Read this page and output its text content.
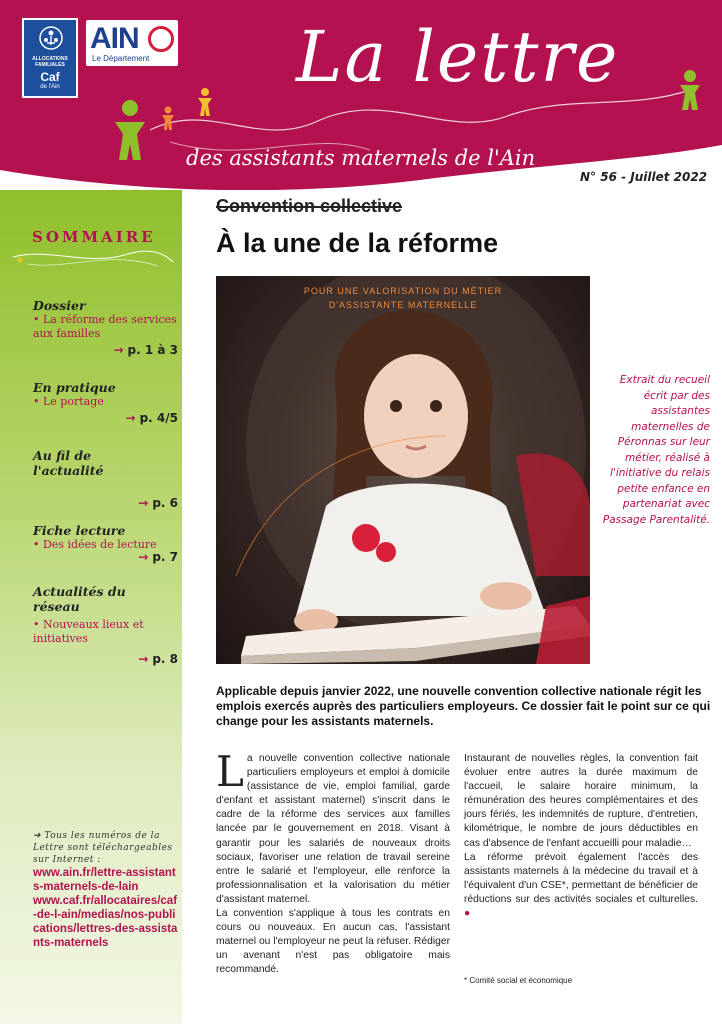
ALLOCATIONS FAMILIALES
Caf
de l'Ain
AIN
Le Département La lettre
des assistants maternels de l'Ain
N° 56 - Juillet 2022
SOMMAIRE
Dossier
• La réforme des services aux familles
→ p. 1 à 3
En pratique
• Le portage
→ p. 4/5
Au fil de l'actualité
→ p. 6
Fiche lecture
• Des idées de lecture
→ p. 7
Actualités du réseau
• Nouveaux lieux et initiatives
→ p. 8
➔ Tous les numéros de la Lettre sont téléchargeables sur Internet :
www.ain.fr/lettre-assistants-maternels-de-lain
www.caf.fr/allocataires/caf-de-l-ain/medias/nos-publications/lettres-des-assistants-maternels
Convention collective
À la une de la réforme
POUR UNE VALORISATION DU MÉTIER
D'ASSISTANTE MATERNELLE
Extrait du recueil écrit par des assistantes maternelles de Péronnas sur leur métier, réalisé à l'initiative du relais petite enfance en partenariat avec Passage Parentalité.
Applicable depuis janvier 2022, une nouvelle convention collective nationale régit les emplois exercés auprès des particuliers employeurs. Ce dossier fait le point sur ce qui change pour les assistants maternels.
L a nouvelle convention collective nationale particuliers employeurs et emploi à domicile (assistance de vie, emploi familial, garde d'enfant et assistant maternel) s'inscrit dans le cadre de la réforme des services aux familles lancée par le gouvernement en 2018. Visant à garantir pour les salariés de nouveaux droits sociaux, favoriser une relation de travail sereine entre le salarié et l'employeur, elle renforce la professionnalisation et la valorisation du métier d'assistant maternel.

La convention s'applique à tous les contrats en cours ou nouveaux. En aucun cas, l'assistant maternel ou l'employeur ne peut la refuser. Rédiger un avenant n'est pas obligatoire mais recommandé.

Instaurant de nouvelles règles, la convention fait évoluer entre autres la durée maximum de l'accueil, le salaire horaire minimum, la rémunération des heures complémentaires et des jours fériés, les indemnités de rupture, d'entretien, kilométrique, le nombre de jours déductibles en cas d'absence de l'enfant accueilli pour maladie…

La réforme prévoit également l'accès des assistants maternels à la médecine du travail et à l'équivalent d'un CSE*, permettant de bénéficier de réductions sur des activités sociales et culturelles. ●

* Comité social et économique
